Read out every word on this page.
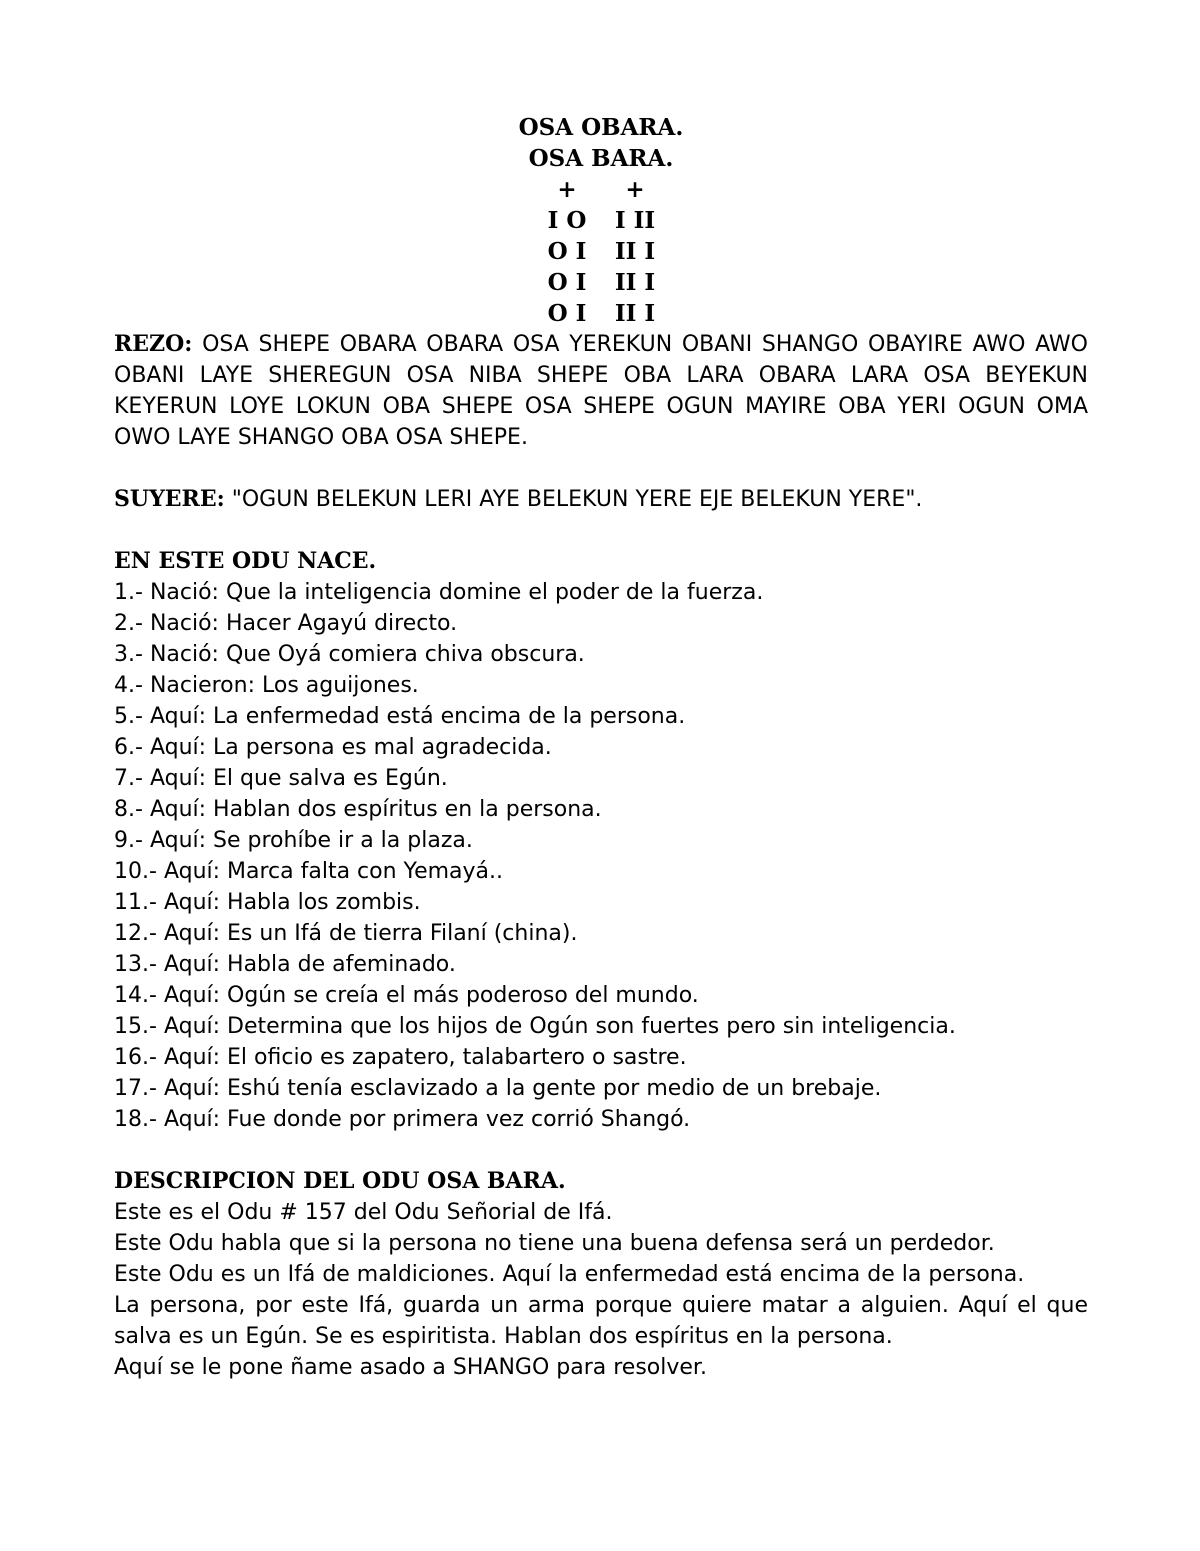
OSA OBARA.
OSA BARA.
+	+
I O	I II
O I	II I
O I	II I
O I	II I
REZO: OSA SHEPE OBARA OBARA OSA YEREKUN OBANI SHANGO OBAYIRE AWO AWO OBANI LAYE SHEREGUN OSA NIBA SHEPE OBA LARA OBARA LARA OSA BEYEKUN KEYERUN LOYE LOKUN OBA SHEPE OSA SHEPE OGUN MAYIRE OBA YERI OGUN OMA OWO LAYE SHANGO OBA OSA SHEPE.
SUYERE: "OGUN BELEKUN LERI AYE BELEKUN YERE EJE BELEKUN YERE".
EN ESTE ODU NACE.
1.- Nació: Que la inteligencia domine el poder de la fuerza.
2.- Nació: Hacer Agayú directo.
3.- Nació: Que Oyá comiera chiva obscura.
4.- Nacieron: Los aguijones.
5.- Aquí: La enfermedad está encima de la persona.
6.- Aquí: La persona es mal agradecida.
7.- Aquí: El que salva es Egún.
8.- Aquí: Hablan dos espíritus en la persona.
9.- Aquí: Se prohíbe ir a la plaza.
10.- Aquí: Marca falta con Yemayá..
11.- Aquí: Habla los zombis.
12.- Aquí: Es un Ifá de tierra Filaní (china).
13.- Aquí: Habla de afeminado.
14.- Aquí: Ogún se creía el más poderoso del mundo.
15.- Aquí: Determina que los hijos de Ogún son fuertes pero sin inteligencia.
16.- Aquí: El oficio es zapatero, talabartero o sastre.
17.- Aquí: Eshú tenía esclavizado a la gente por medio de un brebaje.
18.- Aquí: Fue donde por primera vez corrió Shangó.
DESCRIPCION DEL ODU OSA BARA.
Este es el Odu # 157 del Odu Señorial de Ifá.
Este Odu habla que si la persona no tiene una buena defensa será un perdedor.
Este Odu es un Ifá de maldiciones. Aquí la enfermedad está encima de la persona.
La persona, por este Ifá, guarda un arma porque quiere matar a alguien. Aquí el que salva es un Egún. Se es espiritista. Hablan dos espíritus en la persona.
Aquí se le pone ñame asado a SHANGO para resolver.
